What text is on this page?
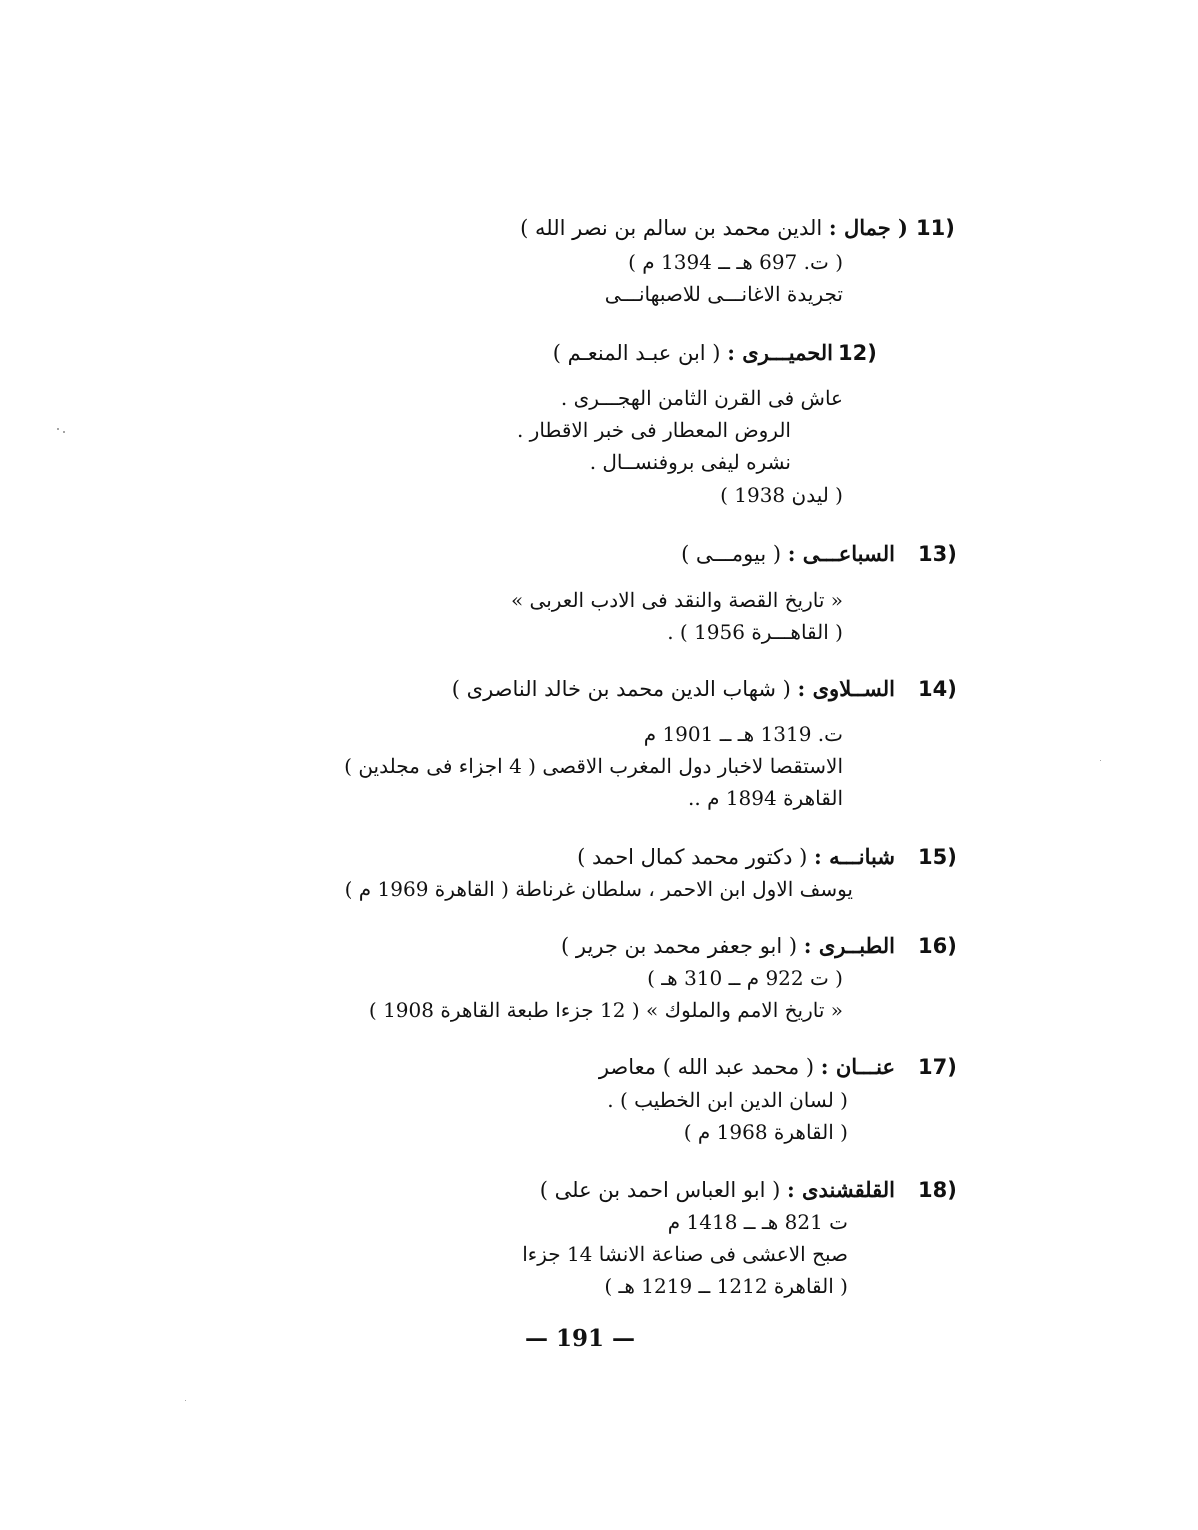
11)
( جمال : الدين محمد بن سالم بن نصر الله )
( ت. 697 هـ ــ 1394 م )
تجريدة الاغانـــى للاصبهانـــى
12)
الحميـــرى : ( ابن عبـد المنعـم )
عاش فى القرن الثامن الهجـــرى .
الروض المعطار فى خبر الاقطار .
نشره ليفى بروفنســال .
( ليدن 1938 )
13)
السباعـــى : ( بيومـــى )
« تاريخ القصة والنقد فى الادب العربى »
( القاهـــرة 1956 ) .
14)
الســلاوى : ( شهاب الدين محمد بن خالد الناصرى )
ت. 1319 هـ ــ 1901 م
الاستقصا لاخبار دول المغرب الاقصى ( 4 اجزاء فى مجلدين )
القاهرة 1894 م ..
15)
شبانـــه : ( دكتور محمد كمال احمد )
يوسف الاول ابن الاحمر ، سلطان غرناطة ( القاهرة 1969 م )
16)
الطبــرى : ( ابو جعفر محمد بن جرير )
( ت 922 م ــ 310 هـ )
« تاريخ الامم والملوك » ( 12 جزءا طبعة القاهرة 1908 )
17)
عنـــان : ( محمد عبد الله ) معاصر
( لسان الدين ابن الخطيب ) .
( القاهرة 1968 م )
18)
القلقشندى : ( ابو العباس احمد بن على )
ت 821 هـ ــ 1418 م
صبح الاعشى فى صناعة الانشا 14 جزءا
( القاهرة 1212 ــ 1219 هـ )
— 191 —
